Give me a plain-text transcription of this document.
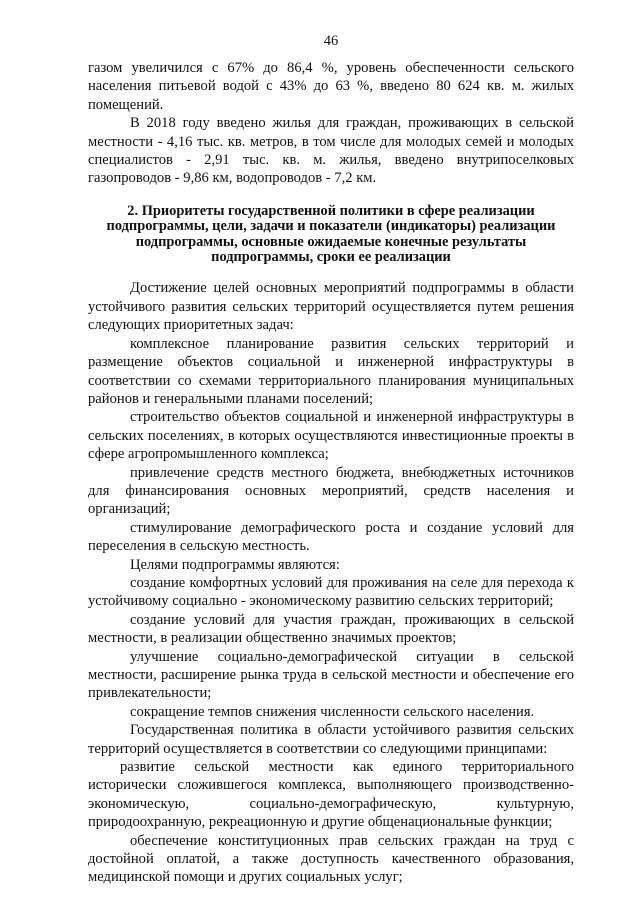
46

газом увеличился с 67% до 86,4 %, уровень обеспеченности сельского населения питьевой водой с 43% до 63 %, введено 80 624 кв. м. жилых помещений.

В 2018 году введено жилья для граждан, проживающих в сельской местности - 4,16 тыс. кв. метров, в том числе для молодых семей и молодых специалистов - 2,91 тыс. кв. м. жилья, введено внутрипоселковых газопроводов - 9,86 км, водопроводов - 7,2 км.

2. Приоритеты государственной политики в сфере реализации
подпрограммы, цели, задачи и показатели (индикаторы) реализации
подпрограммы, основные ожидаемые конечные результаты
подпрограммы, сроки ее реализации

Достижение целей основных мероприятий подпрограммы в области устойчивого развития сельских территорий осуществляется путем решения следующих приоритетных задач:

комплексное планирование развития сельских территорий и размещение объектов социальной и инженерной инфраструктуры в соответствии со схемами территориального планирования муниципальных районов и генеральными планами поселений;

строительство объектов социальной и инженерной инфраструктуры в сельских поселениях, в которых осуществляются инвестиционные проекты в сфере агропромышленного комплекса;

привлечение средств местного бюджета, внебюджетных источников для финансирования основных мероприятий, средств населения и организаций;

стимулирование демографического роста и создание условий для переселения в сельскую местность.

Целями подпрограммы являются:

создание комфортных условий для проживания на селе для перехода к устойчивому социально - экономическому развитию сельских территорий;

создание условий для участия граждан, проживающих в сельской местности, в реализации общественно значимых проектов;

улучшение социально-демографической ситуации в сельской местности, расширение рынка труда в сельской местности и обеспечение его привлекательности;

сокращение темпов снижения численности сельского населения.

Государственная политика в области устойчивого развития сельских территорий осуществляется в соответствии со следующими принципами:

развитие сельской местности как единого территориального исторически сложившегося комплекса, выполняющего производственно-экономическую, социально-демографическую, культурную, природоохранную, рекреационную и другие общенациональные функции;

обеспечение конституционных прав сельских граждан на труд с достойной оплатой, а также доступность качественного образования, медицинской помощи и других социальных услуг;
